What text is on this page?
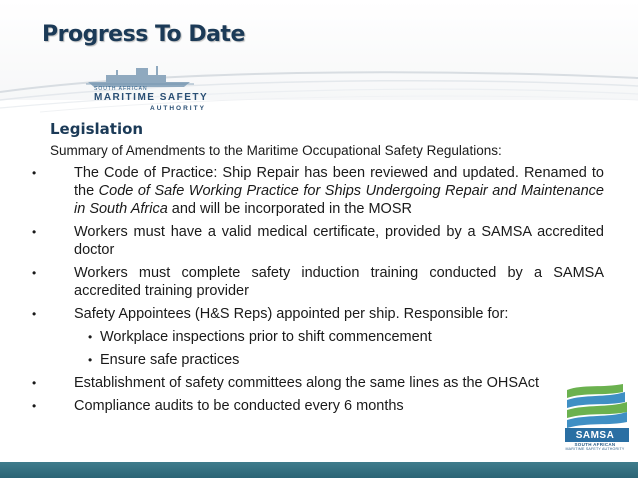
Progress To Date
SOUTH AFRICAN
MARITIME SAFETY
AUTHORITY
Legislation

Summary of Amendments to the Maritime Occupational Safety Regulations:

•	The Code of Practice: Ship Repair has been reviewed and updated. Renamed to the Code of Safe Working Practice for Ships Undergoing Repair and Maintenance in South Africa and will be incorporated in the MOSR
•	Workers must have a valid medical certificate, provided by a SAMSA accredited doctor
•	Workers must complete safety induction training conducted by a SAMSA accredited training provider
•	Safety Appointees (H&S Reps) appointed per ship. Responsible for:
• Workplace inspections prior to shift commencement
• Ensure safe practices
•	Establishment of safety committees along the same lines as the OHSAct
•	Compliance audits to be conducted every 6 months
SAMSA
SOUTH AFRICAN
MARITIME SAFETY AUTHORITY
